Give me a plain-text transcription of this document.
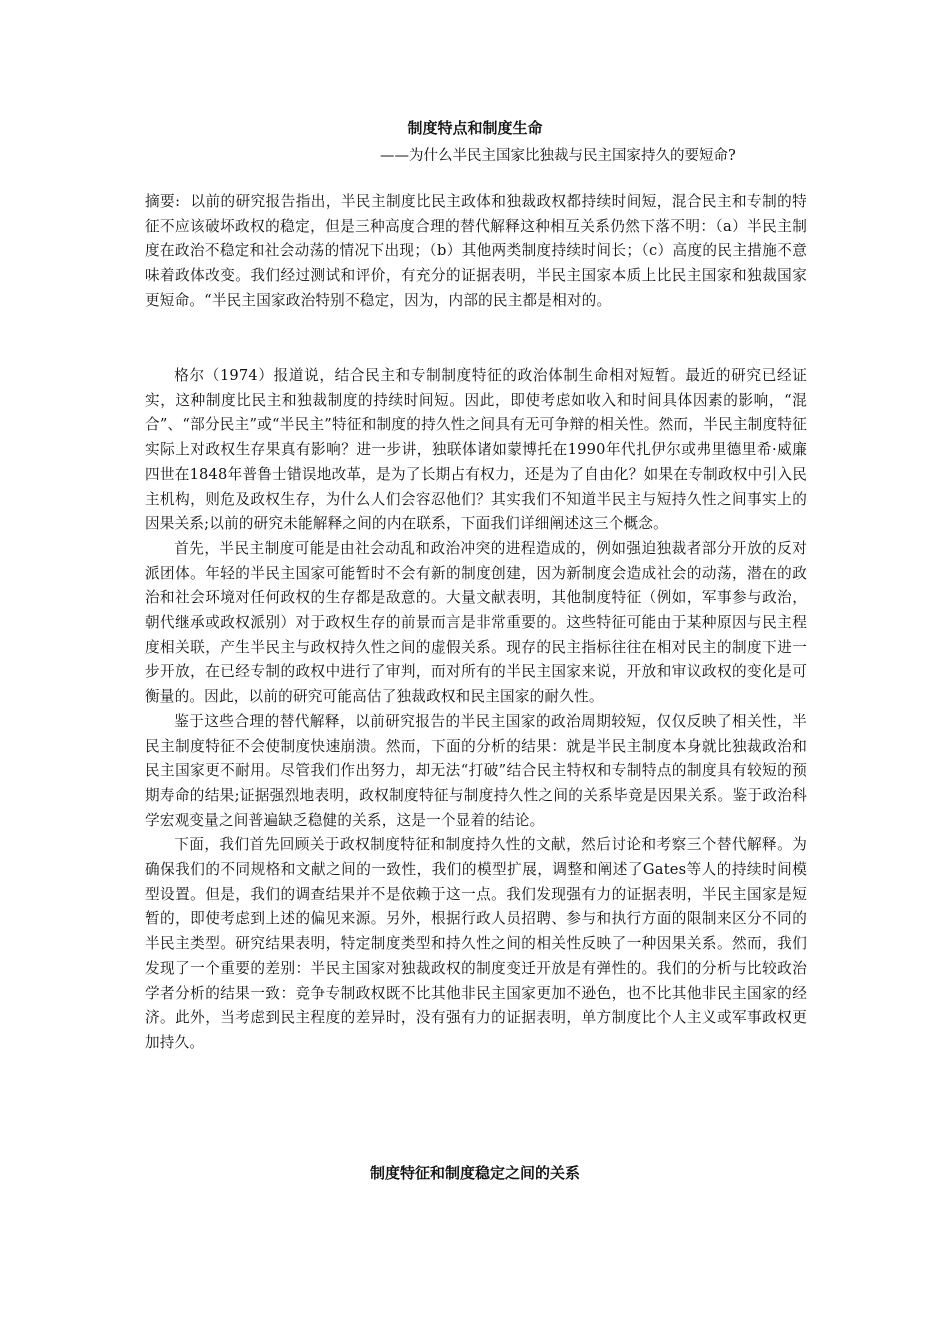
制度特点和制度生命
——为什么半民主国家比独裁与民主国家持久的要短命?

摘要: 以前的研究报告指出，半民主制度比民主政体和独裁政权都持续时间短，混合民主和专制的特征不应该破坏政权的稳定，但是三种高度合理的替代解释这种相互关系仍然下落不明：（a）半民主制度在政治不稳定和社会动荡的情况下出现；（b）其他两类制度持续时间长；（c）高度的民主措施不意味着政体改变。我们经过测试和评价，有充分的证据表明，半民主国家本质上比民主国家和独裁国家更短命。“半民主国家政治特别不稳定，因为，内部的民主都是相对的。

格尔（1974）报道说，结合民主和专制制度特征的政治体制生命相对短暂。最近的研究已经证实，这种制度比民主和独裁制度的持续时间短。因此，即使考虑如收入和时间具体因素的影响，“混合”、“部分民主”或“半民主”特征和制度的持久性之间具有无可争辩的相关性。然而，半民主制度特征实际上对政权生存果真有影响？进一步讲，独联体诸如蒙博托在1990年代扎伊尔或弗里德里希·威廉四世在1848年普鲁士错误地改革，是为了长期占有权力，还是为了自由化？如果在专制政权中引入民主机构，则危及政权生存，为什么人们会容忍他们？其实我们不知道半民主与短持久性之间事实上的因果关系;以前的研究未能解释之间的内在联系，下面我们详细阐述这三个概念。

首先，半民主制度可能是由社会动乱和政治冲突的进程造成的，例如强迫独裁者部分开放的反对派团体。年轻的半民主国家可能暂时不会有新的制度创建，因为新制度会造成社会的动荡，潜在的政治和社会环境对任何政权的生存都是敌意的。大量文献表明，其他制度特征（例如，军事参与政治，朝代继承或政权派别）对于政权生存的前景而言是非常重要的。这些特征可能由于某种原因与民主程度相关联，产生半民主与政权持久性之间的虚假关系。现存的民主指标往往在相对民主的制度下进一步开放，在已经专制的政权中进行了审判，而对所有的半民主国家来说，开放和审议政权的变化是可衡量的。因此，以前的研究可能高估了独裁政权和民主国家的耐久性。

鉴于这些合理的替代解释，以前研究报告的半民主国家的政治周期较短，仅仅反映了相关性，半民主制度特征不会使制度快速崩溃。然而，下面的分析的结果：就是半民主制度本身就比独裁政治和民主国家更不耐用。尽管我们作出努力，却无法“打破”结合民主特权和专制特点的制度具有较短的预期寿命的结果;证据强烈地表明，政权制度特征与制度持久性之间的关系毕竟是因果关系。鉴于政治科学宏观变量之间普遍缺乏稳健的关系，这是一个显着的结论。

下面，我们首先回顾关于政权制度特征和制度持久性的文献，然后讨论和考察三个替代解释。为确保我们的不同规格和文献之间的一致性，我们的模型扩展，调整和阐述了Gates等人的持续时间模型设置。但是，我们的调查结果并不是依赖于这一点。我们发现强有力的证据表明，半民主国家是短暂的，即使考虑到上述的偏见来源。另外，根据行政人员招聘、参与和执行方面的限制来区分不同的半民主类型。研究结果表明，特定制度类型和持久性之间的相关性反映了一种因果关系。然而，我们发现了一个重要的差别：半民主国家对独裁政权的制度变迁开放是有弹性的。我们的分析与比较政治学者分析的结果一致：竞争专制政权既不比其他非民主国家更加不逊色，也不比其他非民主国家的经济。此外，当考虑到民主程度的差异时，没有强有力的证据表明，单方制度比个人主义或军事政权更加持久。

制度特征和制度稳定之间的关系
